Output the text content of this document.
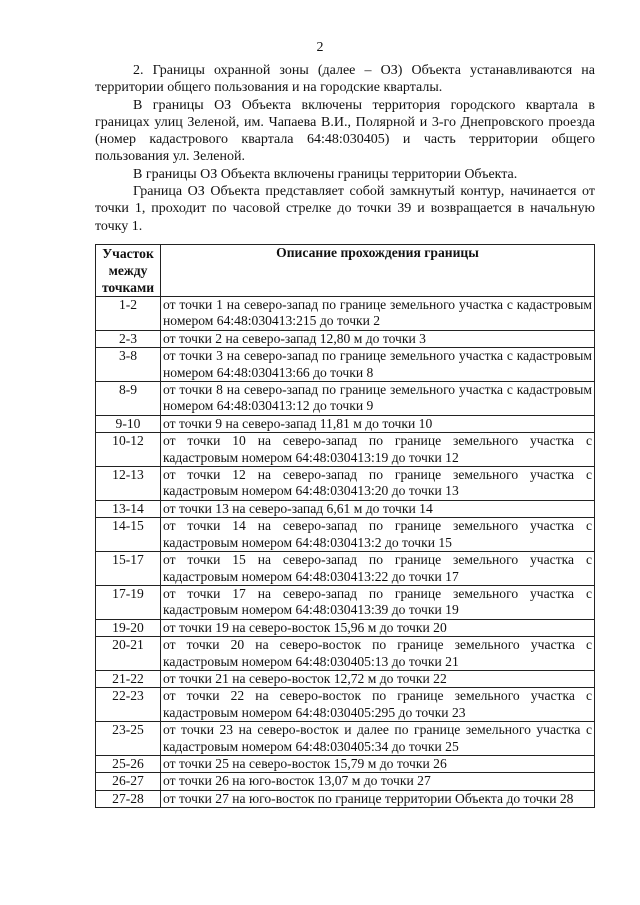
2

2. Границы охранной зоны (далее – ОЗ) Объекта устанавливаются на территории общего пользования и на городские кварталы.

В границы ОЗ Объекта включены территория городского квартала в границах улиц Зеленой, им. Чапаева В.И., Полярной и 3-го Днепровского проезда (номер кадастрового квартала 64:48:030405) и часть территории общего пользования ул. Зеленой.

В границы ОЗ Объекта включены границы территории Объекта.

Граница ОЗ Объекта представляет собой замкнутый контур, начинается от точки 1, проходит по часовой стрелке до точки 39 и возвращается в начальную точку 1.

Участок между точками	Описание прохождения границы
1-2	от точки 1 на северо-запад по границе земельного участка с кадастровым номером 64:48:030413:215 до точки 2
2-3	от точки 2 на северо-запад 12,80 м до точки 3
3-8	от точки 3 на северо-запад по границе земельного участка с кадастровым номером 64:48:030413:66 до точки 8
8-9	от точки 8 на северо-запад по границе земельного участка с кадастровым номером 64:48:030413:12 до точки 9
9-10	от точки 9 на северо-запад 11,81 м до точки 10
10-12	от точки 10 на северо-запад по границе земельного участка с кадастровым номером 64:48:030413:19 до точки 12
12-13	от точки 12 на северо-запад по границе земельного участка с кадастровым номером 64:48:030413:20 до точки 13
13-14	от точки 13 на северо-запад 6,61 м до точки 14
14-15	от точки 14 на северо-запад по границе земельного участка с кадастровым номером 64:48:030413:2 до точки 15
15-17	от точки 15 на северо-запад по границе земельного участка с кадастровым номером 64:48:030413:22 до точки 17
17-19	от точки 17 на северо-запад по границе земельного участка с кадастровым номером 64:48:030413:39 до точки 19
19-20	от точки 19 на северо-восток 15,96 м до точки 20
20-21	от точки 20 на северо-восток по границе земельного участка с кадастровым номером 64:48:030405:13 до точки 21
21-22	от точки 21 на северо-восток 12,72 м до точки 22
22-23	от точки 22 на северо-восток по границе земельного участка с кадастровым номером 64:48:030405:295 до точки 23
23-25	от точки 23 на северо-восток и далее по границе земельного участка с кадастровым номером 64:48:030405:34 до точки 25
25-26	от точки 25 на северо-восток 15,79 м до точки 26
26-27	от точки 26 на юго-восток 13,07 м до точки 27
27-28	от точки 27 на юго-восток по границе территории Объекта до точки 28
